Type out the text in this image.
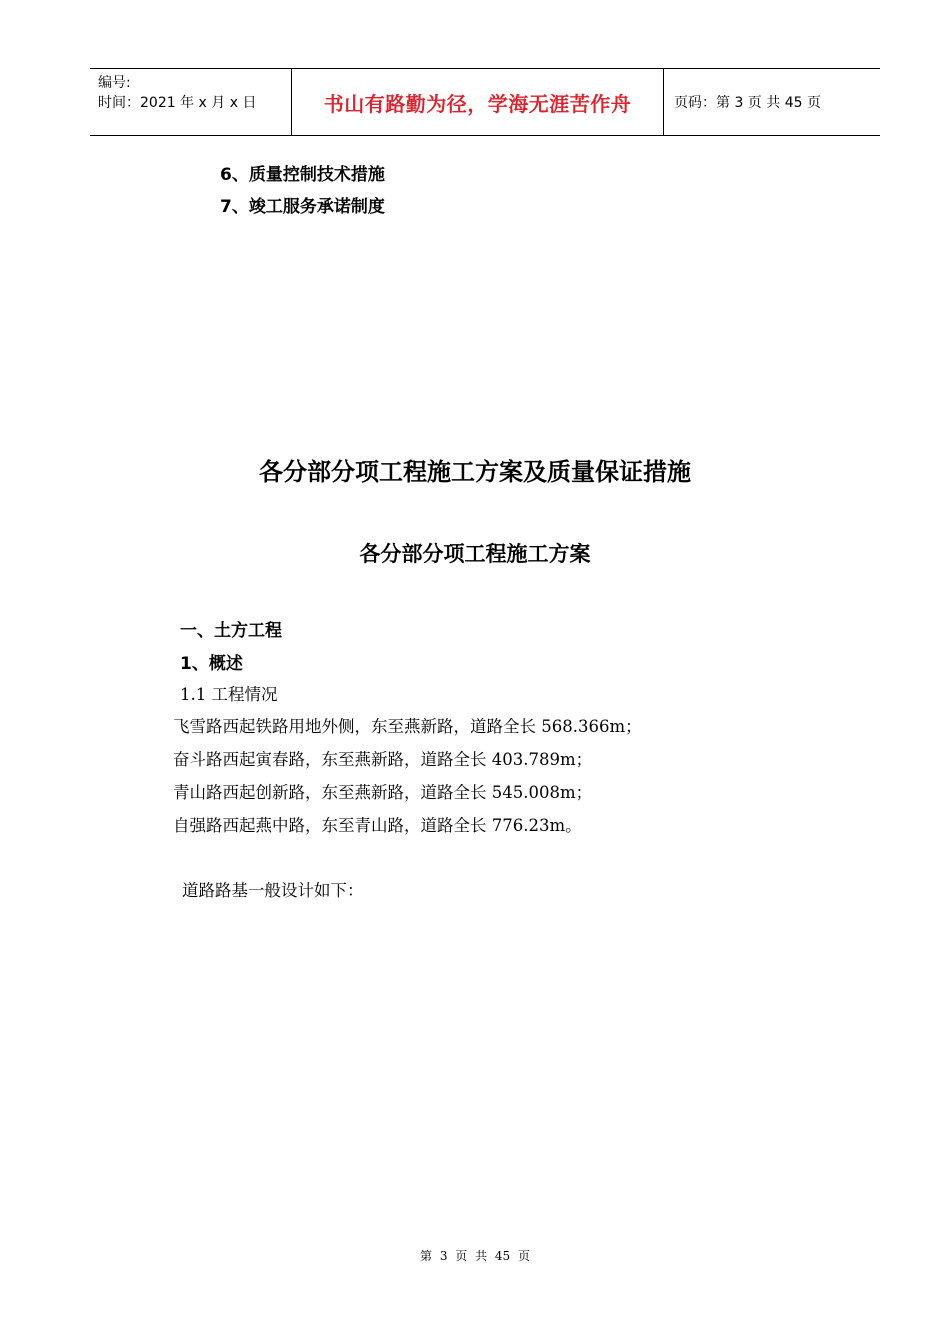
编号:
时间：2021 年 x 月 x 日	书山有路勤为径，学海无涯苦作舟	页码：第 3 页 共 45 页
6、质量控制技术措施
7、竣工服务承诺制度
各分部分项工程施工方案及质量保证措施
各分部分项工程施工方案
一、土方工程
1、概述
1.1 工程情况
飞雪路西起铁路用地外侧，东至燕新路，道路全长 568.366m；
奋斗路西起寅春路，东至燕新路，道路全长 403.789m；
青山路西起创新路，东至燕新路，道路全长 545.008m；
自强路西起燕中路，东至青山路，道路全长 776.23m。
道路路基一般设计如下：
第 3 页 共 45 页
